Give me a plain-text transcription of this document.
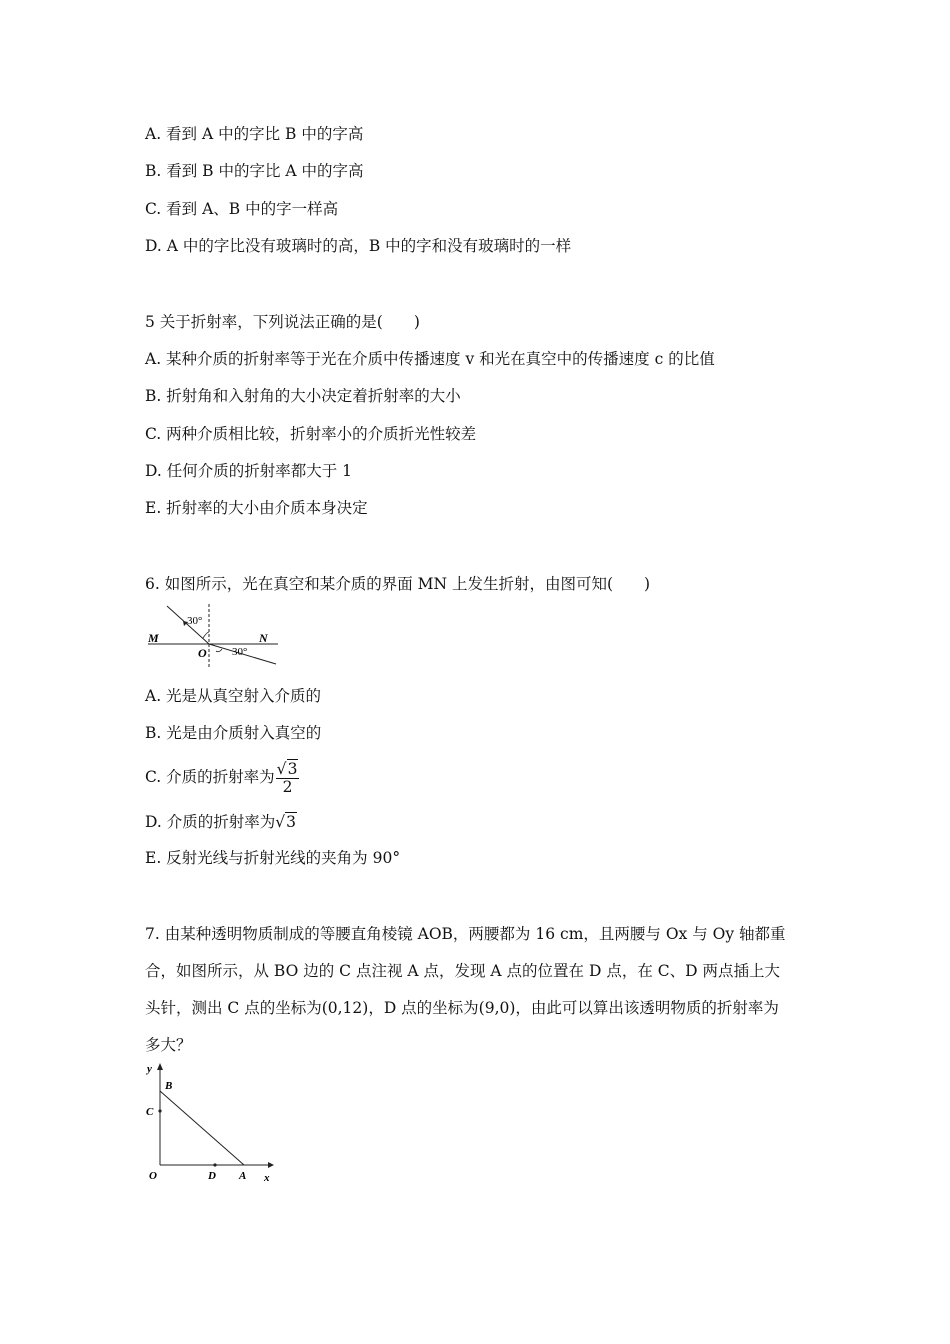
A. 看到 A 中的字比 B 中的字高
B. 看到 B 中的字比 A 中的字高
C. 看到 A、B 中的字一样高
D. A 中的字比没有玻璃时的高，B 中的字和没有玻璃时的一样
5 关于折射率，下列说法正确的是(　　)
A. 某种介质的折射率等于光在介质中传播速度 v 和光在真空中的传播速度 c 的比值
B. 折射角和入射角的大小决定着折射率的大小
C. 两种介质相比较，折射率小的介质折光性较差
D. 任何介质的折射率都大于 1
E. 折射率的大小由介质本身决定
6. 如图所示，光在真空和某介质的界面 MN 上发生折射，由图可知(　　)
M	N
O
30°
30°
A. 光是从真空射入介质的
B. 光是由介质射入真空的
C. 介质的折射率为 $\frac{√3}{2}$
D. 介质的折射率为√3
E. 反射光线与折射光线的夹角为 90°
7. 由某种透明物质制成的等腰直角棱镜 AOB，两腰都为 16 cm，且两腰与 Ox 与 Oy 轴都重
合，如图所示，从 BO 边的 C 点注视 A 点，发现 A 点的位置在 D 点，在 C、D 两点插上大
头针，测出 C 点的坐标为(0,12)，D 点的坐标为(9,0)，由此可以算出该透明物质的折射率为
多大？
y
x
B
C
O	D A
